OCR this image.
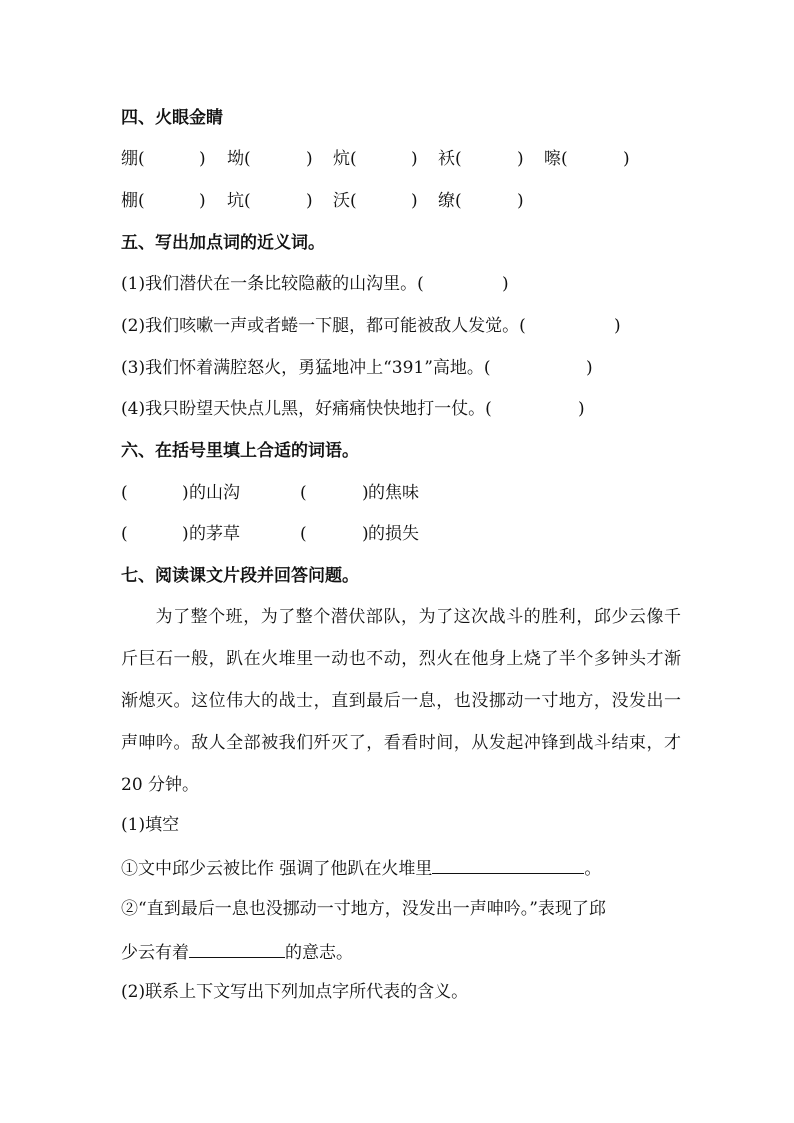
四、火眼金睛
绷(	) 坳(	) 炕(	) 袄(	) 嚓(	)
棚(	) 坑(	) 沃(	) 缭(	)
五、写出加点词的近义词。
(1)我们潜伏在一条比较隐蔽的山沟里。(	)
(2)我们咳嗽一声或者蜷一下腿，都可能被敌人发觉。(	)
(3)我们怀着满腔怒火，勇猛地冲上“391”高地。(	)
(4)我只盼望天快点儿黑，好痛痛快快地打一仗。(	)
六、在括号里填上合适的词语。
(	) 的山沟	(	) 的焦味
(	) 的茅草	(	) 的损失
七、阅读课文片段并回答问题。
为了整个班，为了整个潜伏部队，为了这次战斗的胜利，邱少云像千斤巨石一般，趴在火堆里一动也不动，烈火在他身上烧了半个多钟头才渐渐熄灭。这位伟大的战士，直到最后一息，也没挪动一寸地方，没发出一声呻吟。敌人全部被我们歼灭了，看看时间，从发起冲锋到战斗结束，才 20 分钟。
(1)填空
①文中邱少云被比作 强调了他趴在火堆里	。
②“直到最后一息也没挪动一寸地方，没发出一声呻吟。”表现了邱
少云有着	的意志。
(2)联系上下文写出下列加点字所代表的含义。
